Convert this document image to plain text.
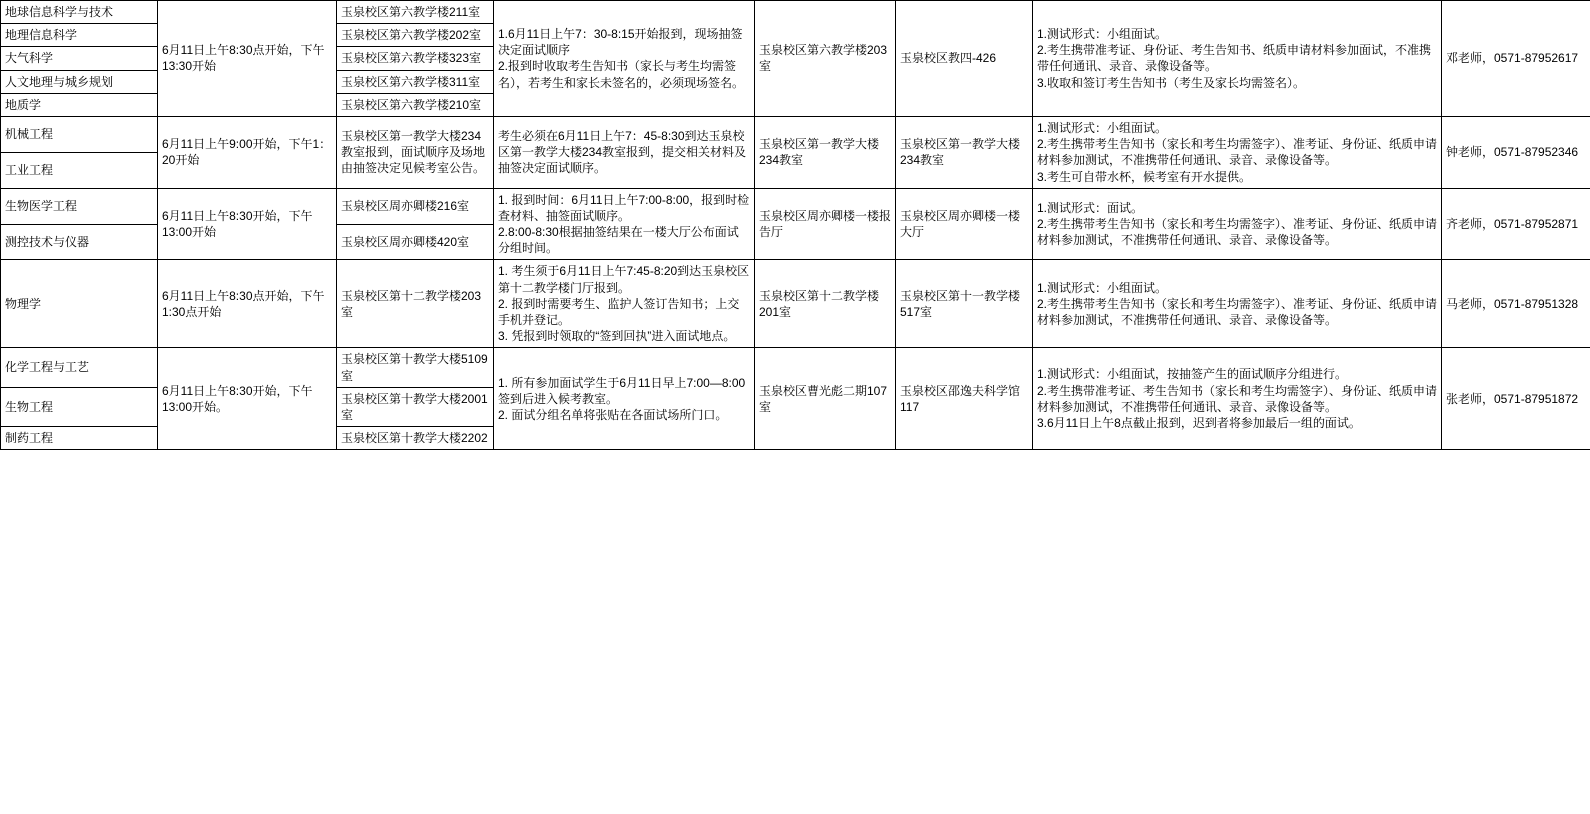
地球信息科学与技术	6月11日上午8:30点开始，下午13:30开始	玉泉校区第六教学楼211室	1.6月11日上午7：30-8:15开始报到，现场抽签决定面试顺序
2.报到时收取考生告知书（家长与考生均需签名），若考生和家长未签名的，必须现场签名。	玉泉校区第六教学楼203室	玉泉校区教四-426	1.测试形式：小组面试。
2.考生携带准考证、身份证、考生告知书、纸质申请材料参加面试，不准携带任何通讯、录音、录像设备等。
3.收取和签订考生告知书（考生及家长均需签名）。	邓老师，0571-87952617

地理信息科学		玉泉校区第六教学楼202室					

大气科学		玉泉校区第六教学楼323室					

人文地理与城乡规划		玉泉校区第六教学楼311室					

地质学		玉泉校区第六教学楼210室					

机械工程	6月11日上午9:00开始，下午1：20开始	玉泉校区第一教学大楼234教室报到，面试顺序及场地由抽签决定见候考室公告。	考生必须在6月11日上午7：45-8:30到达玉泉校区第一教学大楼234教室报到，提交相关材料及抽签决定面试顺序。	玉泉校区第一教学大楼234教室	玉泉校区第一教学大楼234教室	1.测试形式：小组面试。
2.考生携带考生告知书（家长和考生均需签字）、准考证、身份证、纸质申请材料参加测试，不准携带任何通讯、录音、录像设备等。
3.考生可自带水杯，候考室有开水提供。	钟老师，0571-87952346

工业工程							
生物医学工程	6月11日上午8:30开始，下午13:00开始	玉泉校区周亦卿楼216室	1. 报到时间：6月11日上午7:00-8:00，报到时检查材料、抽签面试顺序。
2.8:00-8:30根据抽签结果在一楼大厅公布面试分组时间。	玉泉校区周亦卿楼一楼报告厅	玉泉校区周亦卿楼一楼大厅	1.测试形式：面试。
2.考生携带考生告知书（家长和考生均需签字）、准考证、身份证、纸质申请材料参加测试，不准携带任何通讯、录音、录像设备等。	齐老师，0571-87952871

测控技术与仪器		玉泉校区周亦卿楼420室					

物理学	6月11日上午8:30点开始，下午1:30点开始	玉泉校区第十二教学楼203室	1. 考生须于6月11日上午7:45-8:20到达玉泉校区第十二教学楼门厅报到。
2. 报到时需要考生、监护人签订告知书；上交手机并登记。
3. 凭报到时领取的“签到回执”进入面试地点。	玉泉校区第十二教学楼201室	玉泉校区第十一教学楼517室	1.测试形式：小组面试。
2.考生携带考生告知书（家长和考生均需签字）、准考证、身份证、纸质申请材料参加测试，不准携带任何通讯、录音、录像设备等。	马老师，0571-87951328

化学工程与工艺	6月11日上午8:30开始，下午13:00开始。	玉泉校区第十教学大楼5109室	1. 所有参加面试学生于6月11日早上7:00—8:00签到后进入候考教室。
2. 面试分组名单将张贴在各面试场所门口。	玉泉校区曹光彪二期107室	玉泉校区邵逸夫科学馆117	1.测试形式：小组面试，按抽签产生的面试顺序分组进行。
2.考生携带准考证、考生告知书（家长和考生均需签字）、身份证、纸质申请材料参加测试，不准携带任何通讯、录音、录像设备等。
3.6月11日上午8点截止报到，迟到者将参加最后一组的面试。	张老师，0571-87951872

生物工程		玉泉校区第十教学大楼2001室					

制药工程		玉泉校区第十教学大楼2202					
